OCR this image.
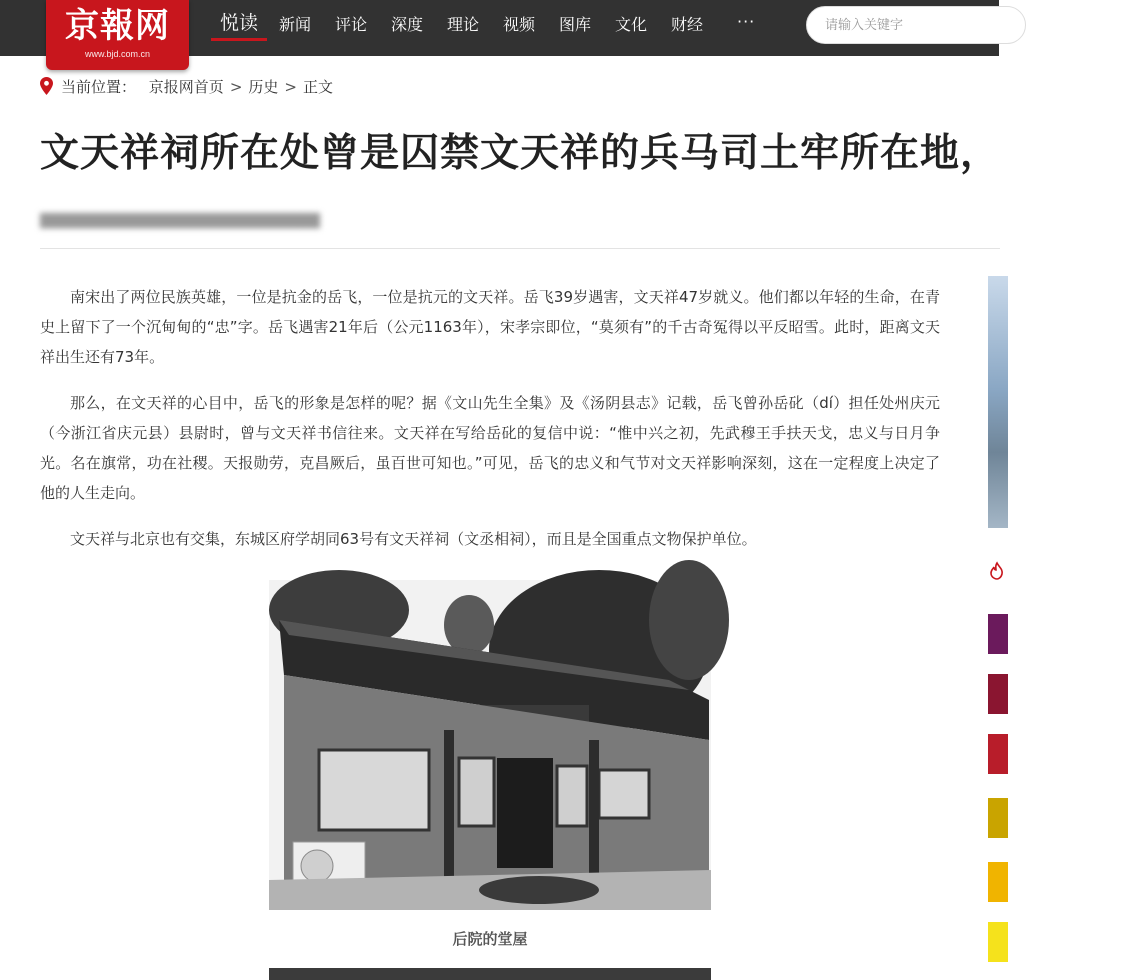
京報网
www.bjd.com.cn
悦读 新闻 评论 深度 理论 视频 图库 文化 财经 ···
请输入关键字
当前位置： 京报网首页 > 历史 > 正文
文天祥祠所在处曾是囚禁文天祥的兵马司土牢所在地，
████████████████████████████

南宋出了两位民族英雄，一位是抗金的岳飞，一位是抗元的文天祥。岳飞39岁遇害，文天祥47岁就义。他们都以年轻的生命，在青史上留下了一个沉甸甸的“忠”字。岳飞遇害21年后（公元1163年），宋孝宗即位，“莫须有”的千古奇冤得以平反昭雪。此时，距离文天祥出生还有73年。

那么，在文天祥的心目中，岳飞的形象是怎样的呢？据《文山先生全集》及《汤阴县志》记载，岳飞曾孙岳䂗（dí）担任处州庆元（今浙江省庆元县）县尉时，曾与文天祥书信往来。文天祥在写给岳䂗的复信中说：“惟中兴之初，先武穆王手扶天戈，忠义与日月争光。名在旗常，功在社稷。天报勋劳，克昌厥后，虽百世可知也。”可见，岳飞的忠义和气节对文天祥影响深刻，这在一定程度上决定了他的人生走向。

文天祥与北京也有交集，东城区府学胡同63号有文天祥祠（文丞相祠），而且是全国重点文物保护单位。

后院的堂屋
